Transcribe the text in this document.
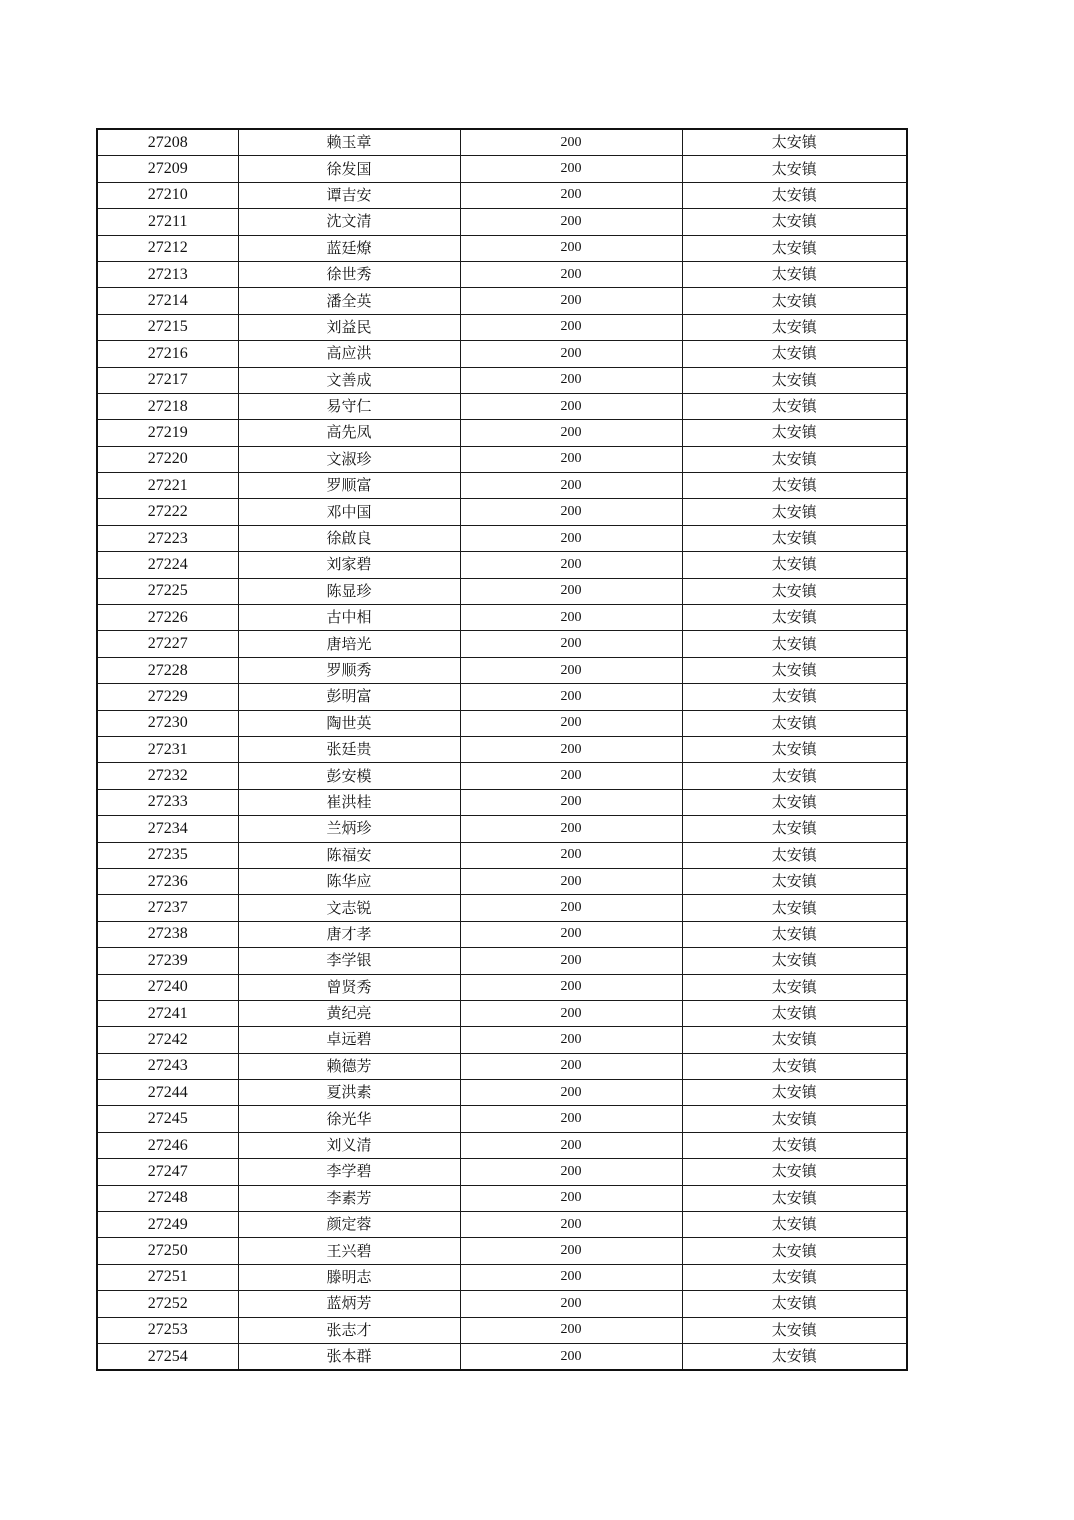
27208	赖玉章	200	太安镇
27209	徐发国	200	太安镇
27210	谭吉安	200	太安镇
27211	沈文清	200	太安镇
27212	蓝廷燎	200	太安镇
27213	徐世秀	200	太安镇
27214	潘全英	200	太安镇
27215	刘益民	200	太安镇
27216	高应洪	200	太安镇
27217	文善成	200	太安镇
27218	易守仁	200	太安镇
27219	高先凤	200	太安镇
27220	文淑珍	200	太安镇
27221	罗顺富	200	太安镇
27222	邓中国	200	太安镇
27223	徐啟良	200	太安镇
27224	刘家碧	200	太安镇
27225	陈显珍	200	太安镇
27226	古中相	200	太安镇
27227	唐培光	200	太安镇
27228	罗顺秀	200	太安镇
27229	彭明富	200	太安镇
27230	陶世英	200	太安镇
27231	张廷贵	200	太安镇
27232	彭安模	200	太安镇
27233	崔洪桂	200	太安镇
27234	兰炳珍	200	太安镇
27235	陈福安	200	太安镇
27236	陈华应	200	太安镇
27237	文志锐	200	太安镇
27238	唐才孝	200	太安镇
27239	李学银	200	太安镇
27240	曾贤秀	200	太安镇
27241	黄纪亮	200	太安镇
27242	卓远碧	200	太安镇
27243	赖德芳	200	太安镇
27244	夏洪素	200	太安镇
27245	徐光华	200	太安镇
27246	刘义清	200	太安镇
27247	李学碧	200	太安镇
27248	李素芳	200	太安镇
27249	颜定蓉	200	太安镇
27250	王兴碧	200	太安镇
27251	滕明志	200	太安镇
27252	蓝炳芳	200	太安镇
27253	张志才	200	太安镇
27254	张本群	200	太安镇
